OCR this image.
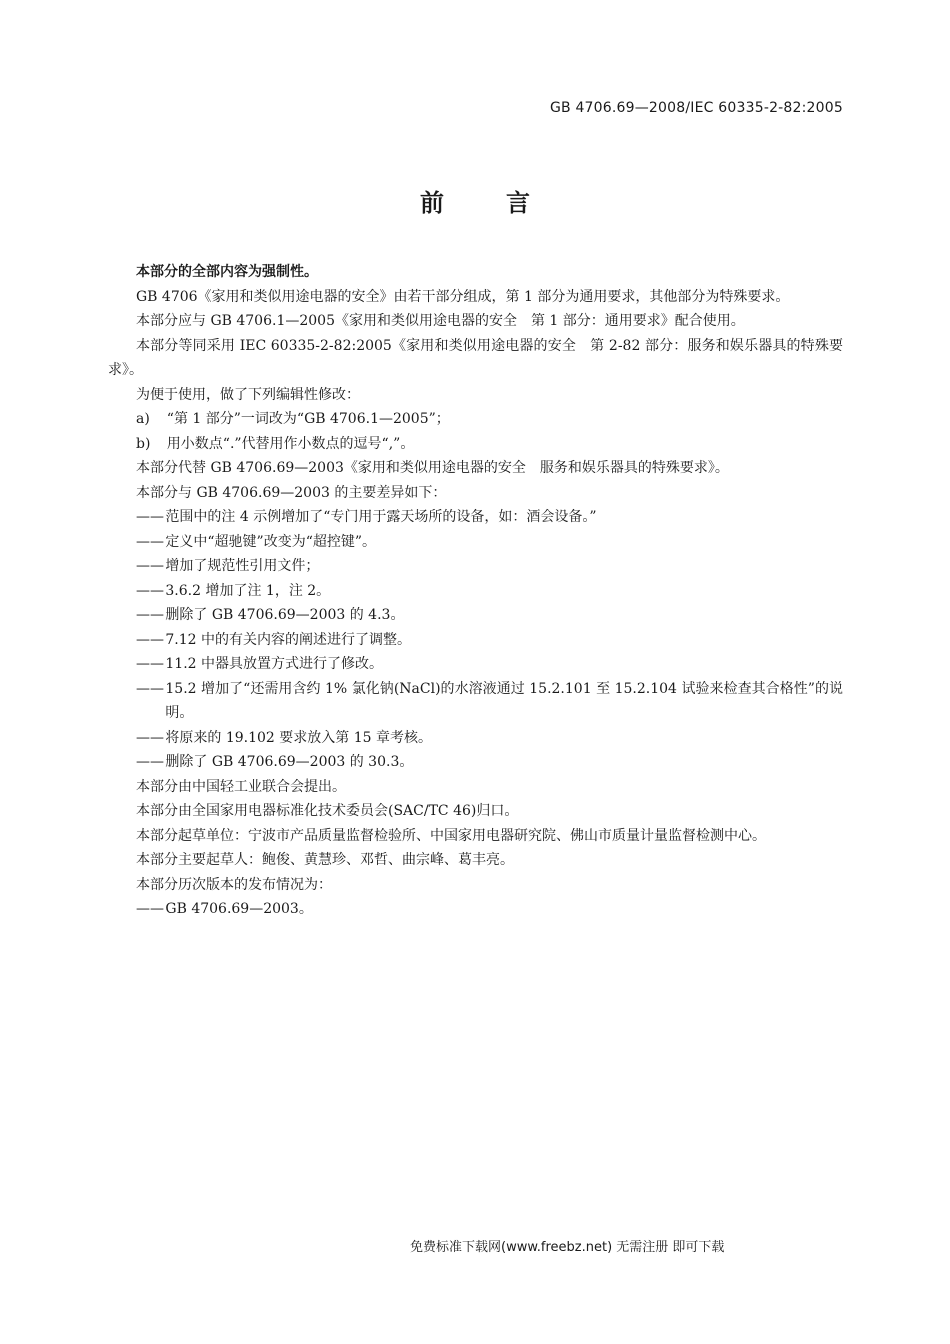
GB 4706.69—2008/IEC 60335-2-82:2005
前言

本部分的全部内容为强制性。

GB 4706《家用和类似用途电器的安全》由若干部分组成，第 1 部分为通用要求，其他部分为特殊要求。

本部分应与 GB 4706.1—2005《家用和类似用途电器的安全　第 1 部分：通用要求》配合使用。

本部分等同采用 IEC 60335-2-82:2005《家用和类似用途电器的安全　第 2-82 部分：服务和娱乐器具的特殊要求》。

为便于使用，做了下列编辑性修改：

a) “第 1 部分”一词改为“GB 4706.1—2005”；

b) 用小数点“.”代替用作小数点的逗号“,”。

本部分代替 GB 4706.69—2003《家用和类似用途电器的安全　服务和娱乐器具的特殊要求》。

本部分与 GB 4706.69—2003 的主要差异如下：

——范围中的注 4 示例增加了“专门用于露天场所的设备，如：酒会设备。”

——定义中“超驰键”改变为“超控键”。

——增加了规范性引用文件；

——3.6.2 增加了注 1，注 2。

——删除了 GB 4706.69—2003 的 4.3。

——7.12 中的有关内容的阐述进行了调整。

——11.2 中器具放置方式进行了修改。

——15.2 增加了“还需用含约 1% 氯化钠(NaCl)的水溶液通过 15.2.101 至 15.2.104 试验来检查其合格性”的说明。

——将原来的 19.102 要求放入第 15 章考核。

——删除了 GB 4706.69—2003 的 30.3。

本部分由中国轻工业联合会提出。

本部分由全国家用电器标准化技术委员会(SAC/TC 46)归口。

本部分起草单位：宁波市产品质量监督检验所、中国家用电器研究院、佛山市质量计量监督检测中心。

本部分主要起草人：鲍俊、黄慧珍、邓哲、曲宗峰、葛丰亮。

本部分历次版本的发布情况为：

——GB 4706.69—2003。

免费标准下载网(www.freebz.net) 无需注册 即可下载
